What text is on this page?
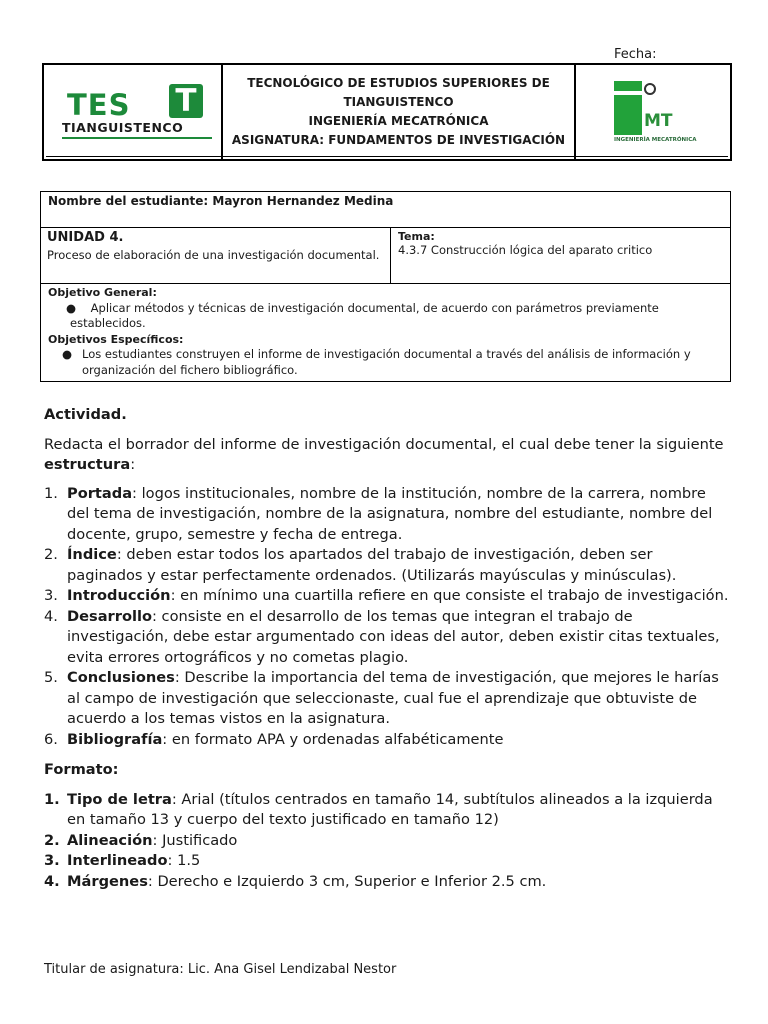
Fecha:
TES T
TIANGUISTENCO
TECNOLÓGICO DE ESTUDIOS SUPERIORES DE
TIANGUISTENCO
INGENIERÍA MECATRÓNICA
ASIGNATURA: FUNDAMENTOS DE INVESTIGACIÓN
MT
INGENIERÍA MECATRÓNICA
Nombre del estudiante: Mayron Hernandez Medina
UNIDAD 4.
Proceso de elaboración de una investigación documental.
Tema:
4.3.7 Construcción lógica del aparato critico
Objetivo General:
●    Aplicar métodos y técnicas de investigación documental, de acuerdo con parámetros previamente establecidos.
Objetivos Específicos:
● Los estudiantes construyen el informe de investigación documental a través del análisis de información y organización del fichero bibliográfico.
Actividad.
Redacta el borrador del informe de investigación documental, el cual debe tener la siguiente estructura:
1. Portada: logos institucionales, nombre de la institución, nombre de la carrera, nombre del tema de investigación, nombre de la asignatura, nombre del estudiante, nombre del docente, grupo, semestre y fecha de entrega.
2. Índice: deben estar todos los apartados del trabajo de investigación, deben ser paginados y estar perfectamente ordenados. (Utilizarás mayúsculas y minúsculas).
3. Introducción: en mínimo una cuartilla refiere en que consiste el trabajo de investigación.
4. Desarrollo: consiste en el desarrollo de los temas que integran el trabajo de investigación, debe estar argumentado con ideas del autor, deben existir citas textuales, evita errores ortográficos y no cometas plagio.
5. Conclusiones: Describe la importancia del tema de investigación, que mejores le harías al campo de investigación que seleccionaste, cual fue el aprendizaje que obtuviste de acuerdo a los temas vistos en la asignatura.
6. Bibliografía: en formato APA y ordenadas alfabéticamente
Formato:
1. Tipo de letra: Arial (títulos centrados en tamaño 14, subtítulos alineados a la izquierda en tamaño 13 y cuerpo del texto justificado en tamaño 12)
2. Alineación: Justificado
3. Interlineado: 1.5
4. Márgenes: Derecho e Izquierdo 3 cm, Superior e Inferior 2.5 cm.
Titular de asignatura: Lic. Ana Gisel Lendizabal Nestor
